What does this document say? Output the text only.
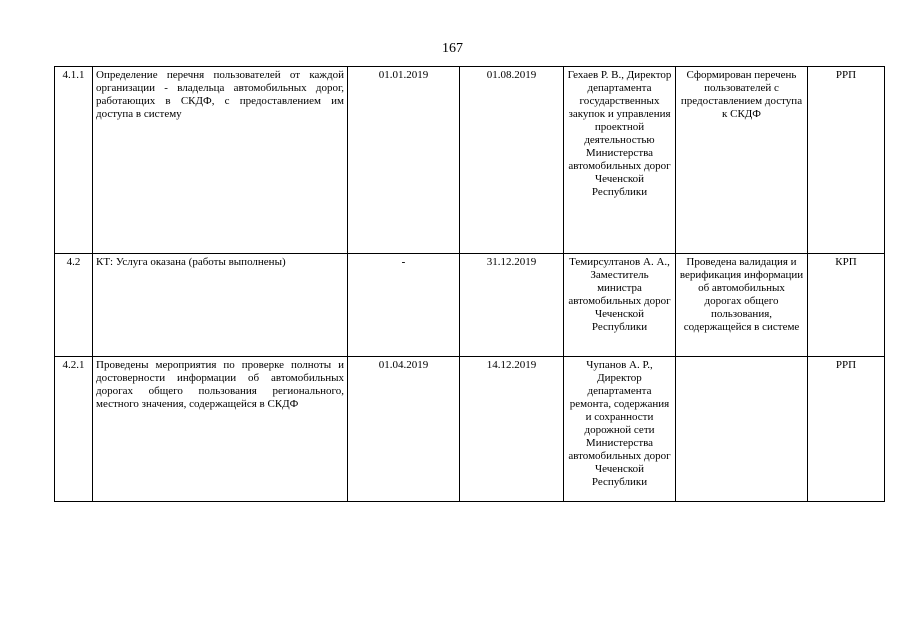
167
4.1.1	Определение перечня пользователей от каждой организации - владельца автомобильных дорог, работающих в СКДФ, с предоставлением им доступа в систему	01.01.2019	01.08.2019	Гехаев Р. В., Директор департамента государственных закупок и управления проектной деятельностью Министерства автомобильных дорог Чеченской Республики	Сформирован перечень пользователей с предоставлением доступа к СКДФ	РРП
4.2	КТ: Услуга оказана (работы выполнены)	-	31.12.2019	Темирсултанов А. А., Заместитель министра автомобильных дорог Чеченской Республики	Проведена валидация и верификация информации об автомобильных дорогах общего пользования, содержащейся в системе	КРП
4.2.1	Проведены мероприятия по проверке полноты и достоверности информации об автомобильных дорогах общего пользования регионального, местного значения, содержащейся в СКДФ	01.04.2019	14.12.2019	Чупанов А. Р., Директор департамента ремонта, содержания и сохранности дорожной сети Министерства автомобильных дорог Чеченской Республики		РРП
